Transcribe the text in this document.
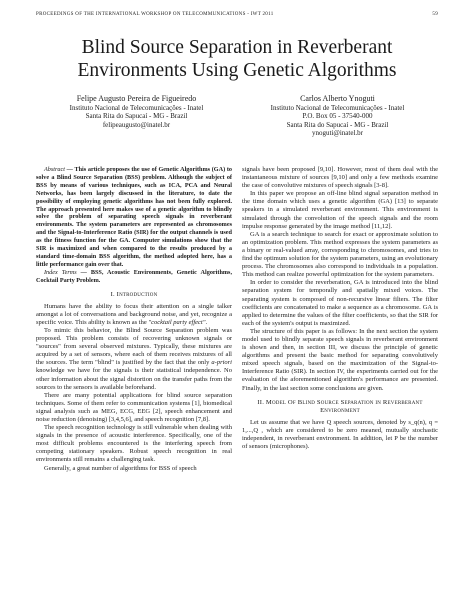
PROCEEDINGS OF THE INTERNATIONAL WORKSHOP ON TELECOMMUNICATIONS - IWT 2011	59
Blind Source Separation in Reverberant
Environments Using Genetic Algorithms
Felipe Augusto Pereira de Figueiredo
Instituto Nacional de Telecomunicações - Inatel
Santa Rita do Sapucaí - MG - Brazil
felipeaugusto@inatel.br
Carlos Alberto Ynoguti
Instituto Nacional de Telecomunicações - Inatel
P.O. Box 05 - 37540-000
Santa Rita do Sapucaí - MG - Brazil
ynoguti@inatel.br

Abstract — This article proposes the use of Genetic Algorithms (GA) to solve a Blind Source Separation (BSS) problem. Although the subject of BSS by means of various techniques, such as ICA, PCA and Neural Networks, has been largely discussed in the literature, to date the possibility of employing genetic algorithms has not been fully explored. The approach presented here makes use of a genetic algorithm to blindly solve the problem of separating speech signals in reverberant environments. The system parameters are represented as chromosomes and the Signal-to-Interference Ratio (SIR) for the output channels is used as the fitness function for the GA. Computer simulations show that the SIR is maximized and when compared to the results produced by a standard time-domain BSS algorithm, the method adopted here, has a little performance gain over that.

Index Terms — BSS, Acoustic Environments, Genetic Algorithms, Cocktail Party Problem.

I. Introduction

Humans have the ability to focus their attention on a single talker amongst a lot of conversations and background noise, and yet, recognize a specific voice. This ability is known as the "cocktail party effect".

To mimic this behavior, the Blind Source Separation problem was proposed. This problem consists of recovering unknown signals or "sources" from several observed mixtures. Typically, these mixtures are acquired by a set of sensors, where each of them receives mixtures of all the sources. The term "blind" is justified by the fact that the only a-priori knowledge we have for the signals is their statistical independence. No other information about the signal distortion on the transfer paths from the sources to the sensors is available beforehand.

There are many potential applications for blind source separation techniques. Some of them refer to communication systems [1], biomedical signal analysis such as MEG, ECG, EEG [2], speech enhancement and noise reduction (denoising) [3,4,5,6], and speech recognition [7,8].

The speech recognition technology is still vulnerable when dealing with signals in the presence of acoustic interference. Specifically, one of the most difficult problems encountered is the interfering speech from competing stationary speakers. Robust speech recognition in real environments still remains a challenging task.

Generally, a great number of algorithms for BSS of speech

signals have been proposed [9,10]. However, most of them deal with the instantaneous mixture of sources [9,10] and only a few methods examine the case of convolutive mixtures of speech signals [3-8].

In this paper we propose an off-line blind signal separation method in the time domain which uses a genetic algorithm (GA) [13] to separate speakers in a simulated reverberant environment. This environment is simulated through the convolution of the speech signals and the room impulse response generated by the image method [11,12].

GA is a search technique to search for exact or approximate solution to an optimization problem. This method expresses the system parameters as a binary or real-valued array, corresponding to chromosomes, and tries to find the optimum solution for the system parameters, using an evolutionary process. The chromosomes also correspond to individuals in a population. This method can realize powerful optimization for the system parameters.

In order to consider the reverberation, GA is introduced into the blind separation system for temporally and spatially mixed voices. The separating system is composed of non-recursive linear filters. The filter coefficients are concatenated to make a sequence as a chromosome. GA is applied to determine the values of the filter coefficients, so that the SIR for each of the system's output is maximized.

The structure of this paper is as follows: In the next section the system model used to blindly separate speech signals in reverberant environment is shown and then, in section III, we discuss the principle of genetic algorithms and present the basic method for separating convolutively mixed speech signals, based on the maximization of the Signal-to-Interference Ratio (SIR). In section IV, the experiments carried out for the evaluation of the aforementioned algorithm's performance are presented. Finally, in the last section some conclusions are given.

II. Model Of Blind Source Separation in Reverberant
Environment

Let us assume that we have Q speech sources, denoted by s_q(n), q = 1,...,Q , which are considered to be zero meaned, mutually stochastic independent, in reverberant environment. In addition, let P be the number of sensors (microphones).
